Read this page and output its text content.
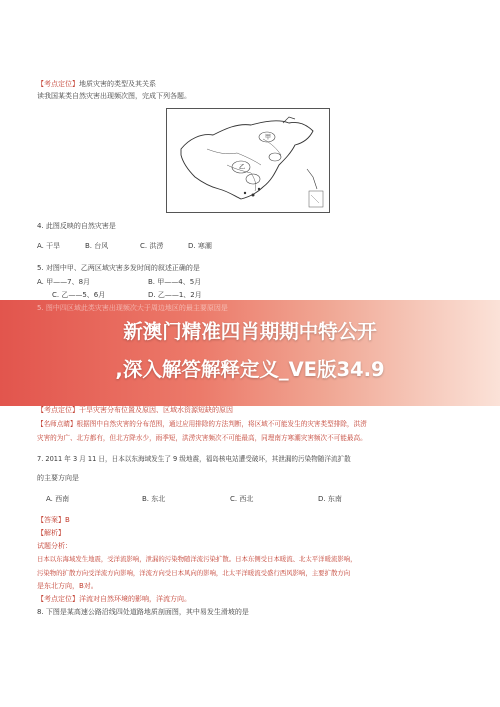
【考点定位】地质灾害的类型及其关系
读我国某类自然灾害出现频次图，完成下列各题。
甲
乙
4. 此图反映的自然灾害是
A. 干旱	B. 台风	C. 洪涝	D. 寒潮
5. 对图中甲、乙两区域灾害多发时间的叙述正确的是
A. 甲——7、8月	B. 甲——4、5月
C. 乙——5、6月	D. 乙——1、2月
5. 图中四区域此类灾害出现频次大于周边地区的最主要原因是
新澳门精准四肖期期中特公开
,深入解答解释定义_VE版34.9
【考点定位】干旱灾害分布位置及原因、区域水资源短缺的原因
【名师点睛】根据图中自然灾害的分布范围，通过应用排除的方法判断，将区域不可能发生的灾害类型排除，洪涝
灾害的为广、北方都有，但北方降水少，雨季短，洪涝灾害频次不可能最高，同理南方寒潮灾害频次不可能最高。
7. 2011 年 3 月 11 日，日本以东海域发生了 9 级地震，福岛核电站遭受破坏，其泄漏的污染物随洋流扩散
的主要方向是
A. 西南	B. 东北	C. 西北	D. 东南
【答案】B
【解析】
试题分析：
日本以东海域发生地震，受洋流影响，泄漏的污染物随洋流污染扩散。日本东侧受日本暖流、北太平洋暖流影响，
污染物的扩散方向受洋流方向影响，洋流方向受日本风向的影响，北太平洋暖流受盛行西风影响，主要扩散方向
是东北方向，B对。
【考点定位】洋流对自然环境的影响，洋流方向。
8. 下图是某高速公路沿线四处道路地质剖面图，其中易发生滑坡的是
